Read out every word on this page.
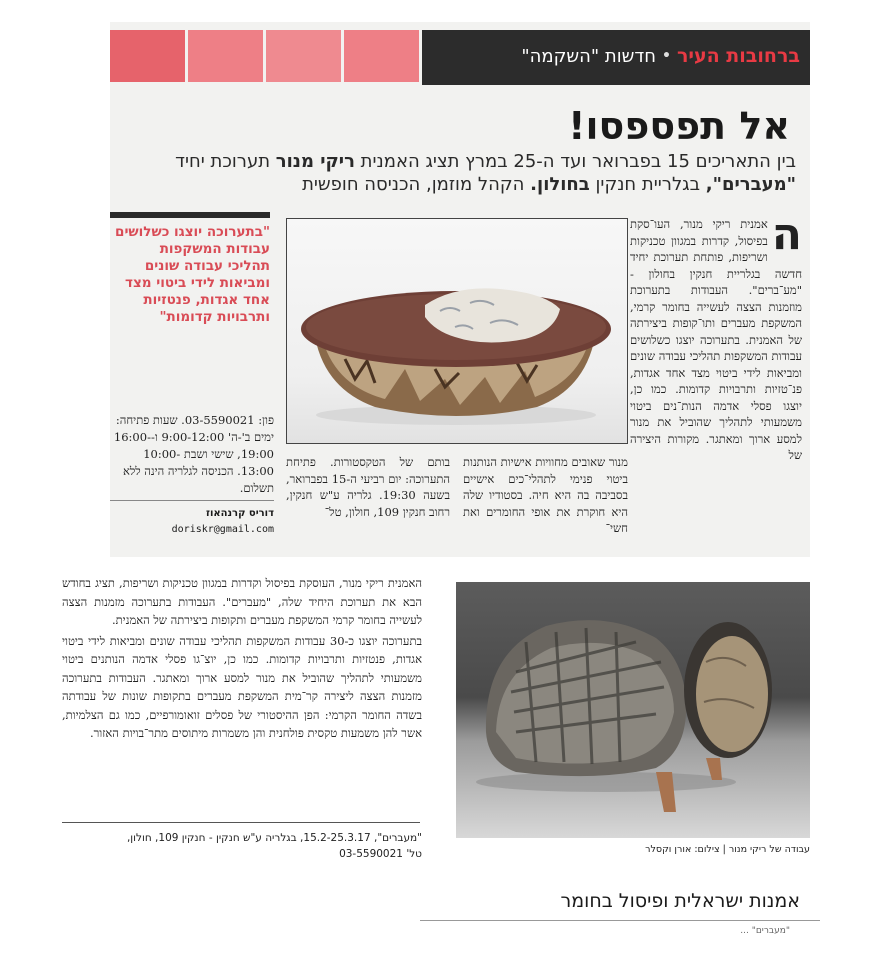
ברחובות העיר
•
חדשות "השקמה"
אל תפספסו!
בין התאריכים 15 בפברואר ועד ה-25 במרץ תציג האמנית ריקי מנור תערוכת יחיד "מעברים", בגלריית חנקין בחולון. הקהל מוזמן, הכניסה חופשית
"בתערוכה יוצגו כשלושים עבודות המשקפות תהליכי עבודה שונים ומביאות לידי ביטוי מצד אחד אגדות, פנטזיות ותרבויות קדומות"
פון: 03-5590021. שעות פתיחה: ימים ב'-ה' 9:00-12:00 ו-16:00-19:00, שישי ושבת 10:00-13:00. הכניסה לגלריה הינה ללא תשלום.
דוריס קרנהאוז
doriskr@gmail.com
ה
אמנית ריקי מנור, העו־סקת בפיסול, קדרות במגוון טכניקות ושריפות, פותחת תערוכת יחיד חדשה בגלריית חנקין בחולון - "מע־ברים". העבודות בתערוכת מוזמנות הצצה לעשייה בחומר קרמי, המשקפת מעברים ותו־קופות ביצירתה של האמנית. בתערוכה יוצגו כשלושים עבודות המשקפות תהליכי עבודה שונים ומביאות לידי ביטוי מצד אחד אגדות, פנ־טזיות ותרבויות קדומות. כמו כן, יוצגו פסלי אדמה הנות־נים ביטוי משמעותי לתהליך שהוביל את מנור למסע ארוך ומאתגר. מקורות היצירה של
מנור שאובים מחוויות אישיות הנותנות ביטוי פנימי לתהלי־כים אישיים בסביבה בה היא חיה. בסטודיו שלה היא חוקרת את אופי החומרים ואת חשי־
בותם של הטקסטורות. פתיחת התערוכה: יום רביעי ה-15 בפברואר, בשעה 19:30. גלריה ע"ש חנקין, רחוב חנקין 109, חולון, טל־

האמנית ריקי מנור, העוסקת בפיסול וקדרות במגוון טכניקות ושריפות, תציג בחודש הבא את תערוכת היחיד שלה, "מעברים". העבודות בתערוכה מזמנות הצצה לעשייה בחומר קרמי המשקפת מעברים ותקופות ביצירתה של האמנית.

בתערוכה יוצגו כ-30 עבודות המשקפות תהליכי עבודה שונים ומביאות לידי ביטוי אגדות, פנטזיות ותרבויות קדומות. כמו כן, יוצ־גו פסלי אדמה הנותנים ביטוי משמעותי לתהליך שהוביל את מנור למסע ארוך ומאתגר. העבודות בתערוכה מזמנות הצצה ליצירה קר־מית המשקפת מעברים בתקופות שונות של עבודתה בשדה החומר הקרמי: הפן ההיסטורי של פסלים זואומורפיים, כמו גם הצלמיות, אשר להן משמעות טקסית פולחנית והן משמרות מיתוסים מתר־בויות האזור.

"מעברים", 15.2-25.3.17, בגלריה ע"ש חנקין - חנקין 109, חולון,
טל' 03-5590021	עבודה של ריקי מנור | צילום: אורן וקסלר
אמנות ישראלית ופיסול בחומר
"מעברים" ...
